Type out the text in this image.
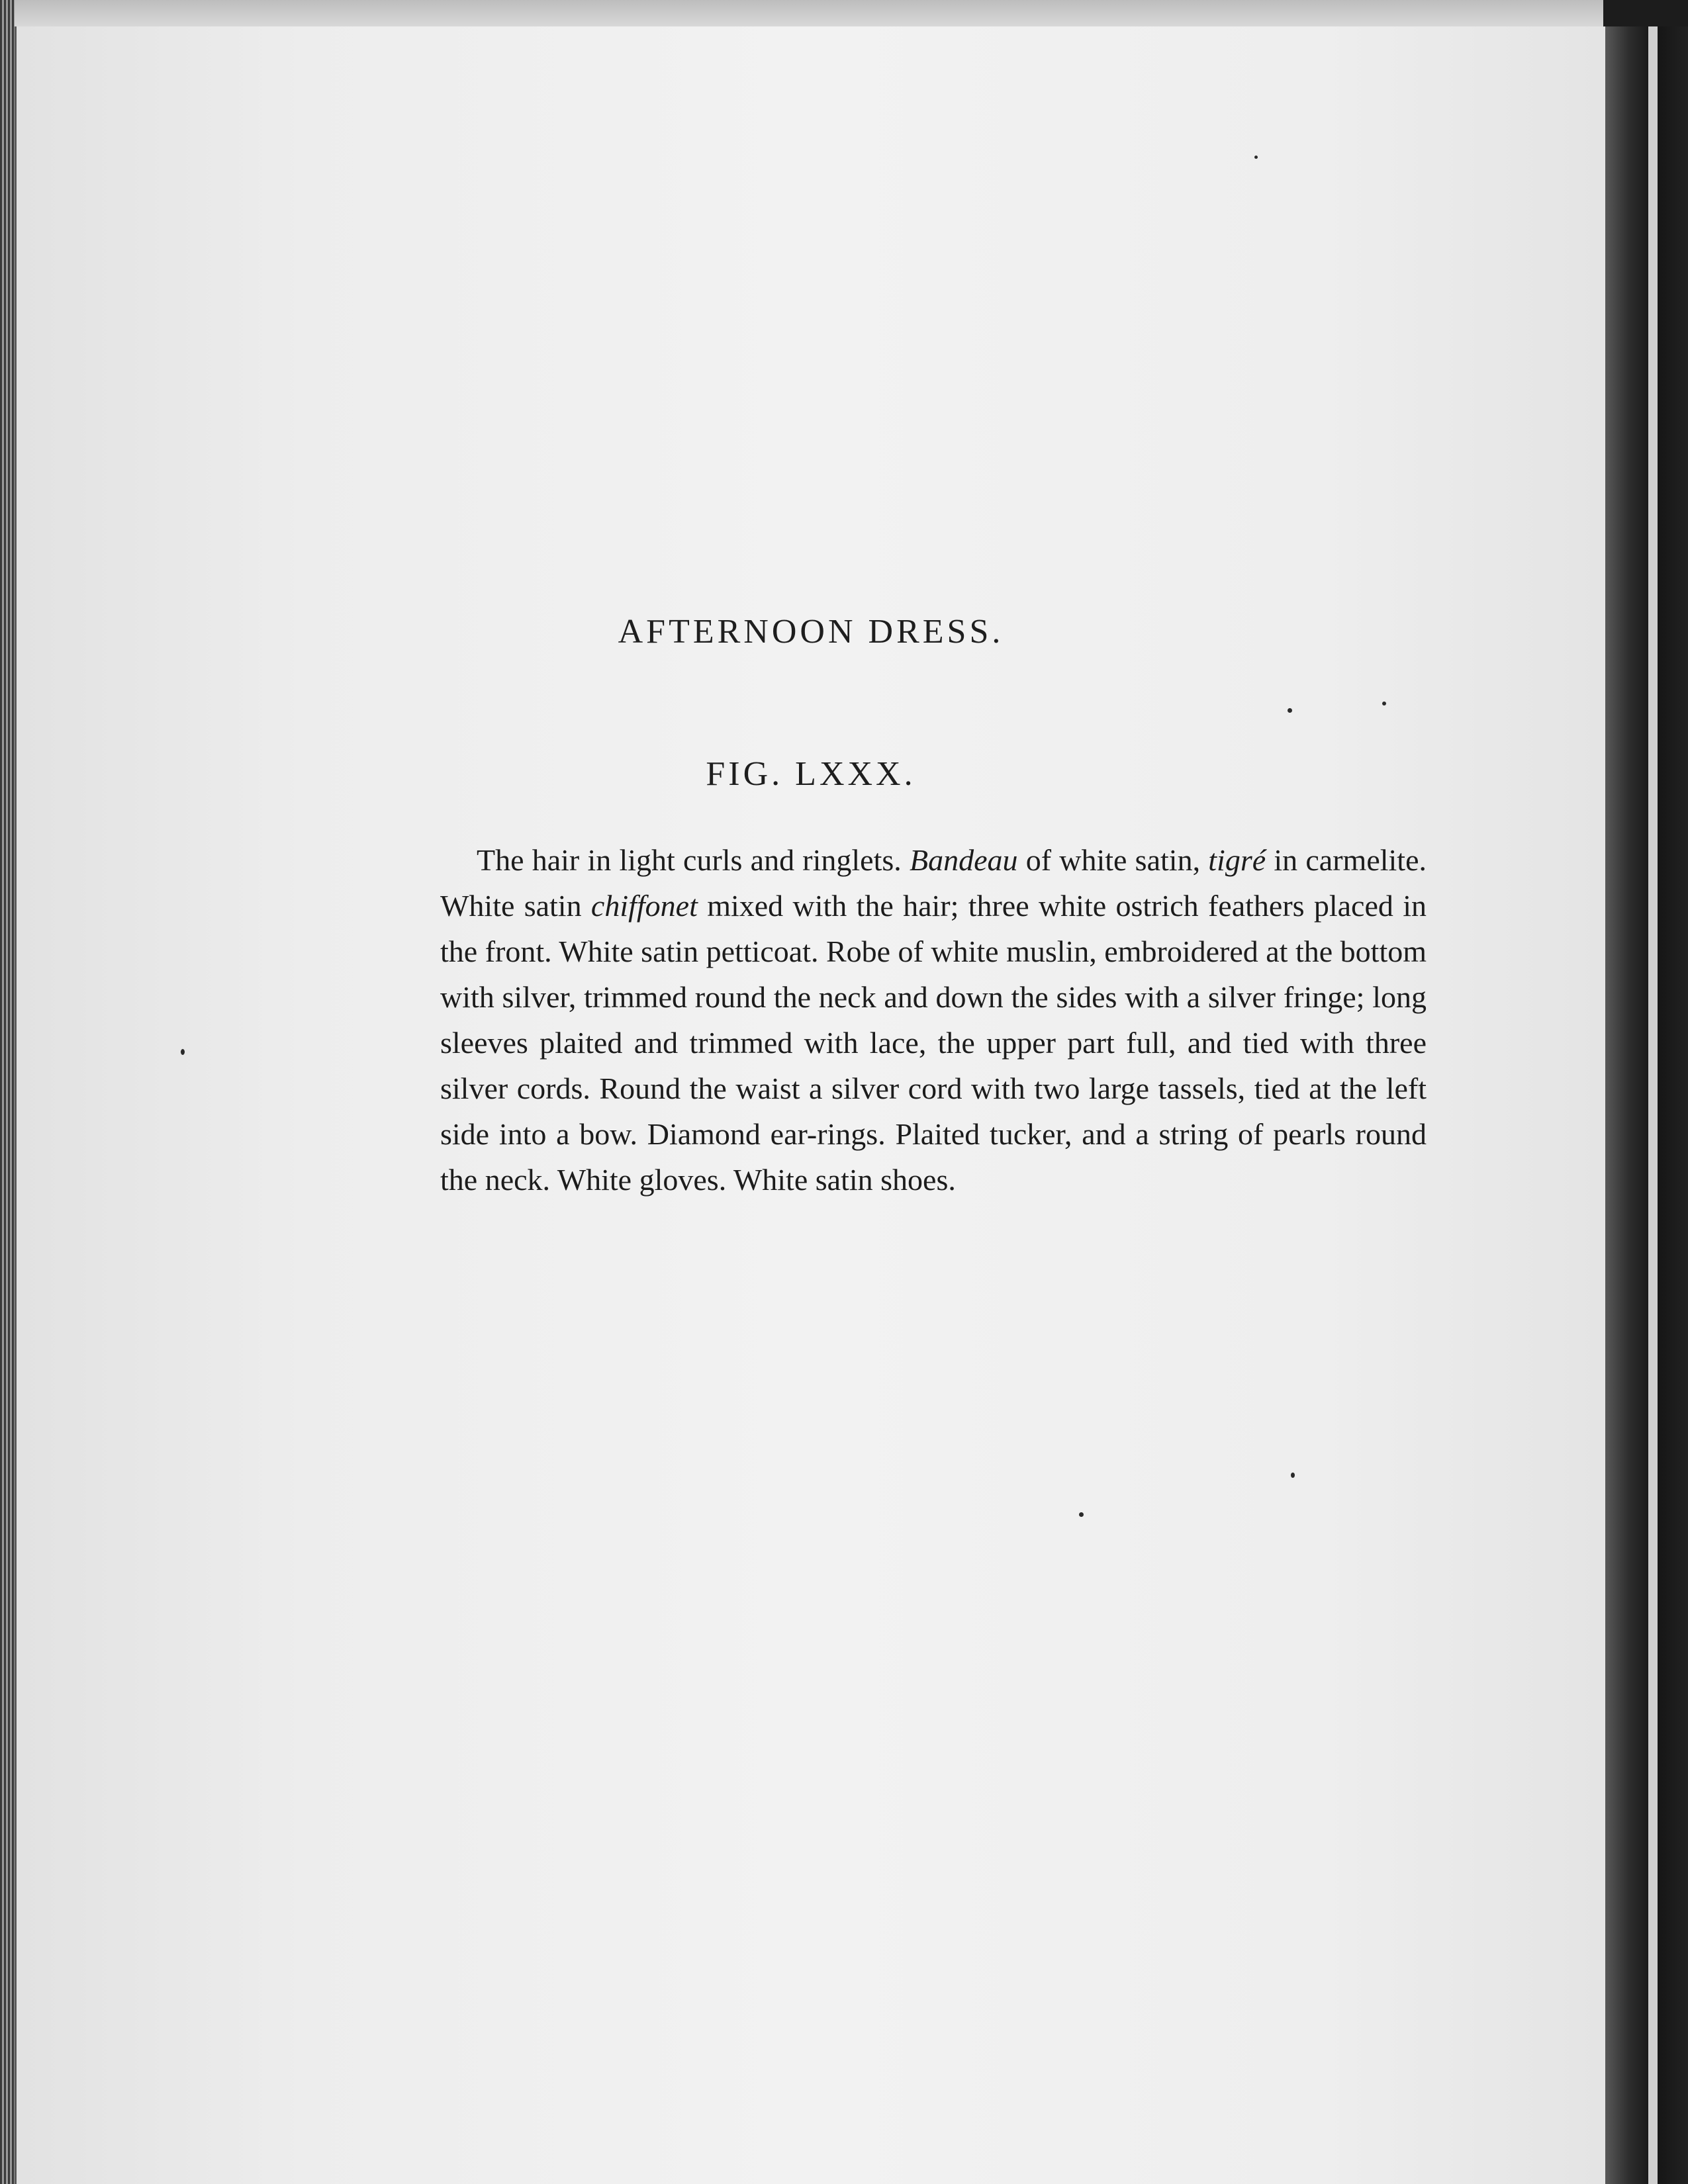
AFTERNOON DRESS.
FIG. LXXX.

The hair in light curls and ringlets. Bandeau of white satin, tigré in carmelite. White satin chiffonet mixed with the hair; three white ostrich feathers placed in the front. White satin petticoat. Robe of white muslin, embroidered at the bottom with silver, trimmed round the neck and down the sides with a silver fringe; long sleeves plaited and trimmed with lace, the upper part full, and tied with three silver cords. Round the waist a silver cord with two large tassels, tied at the left side into a bow. Diamond ear-rings. Plaited tucker, and a string of pearls round the neck. White gloves. White satin shoes.
